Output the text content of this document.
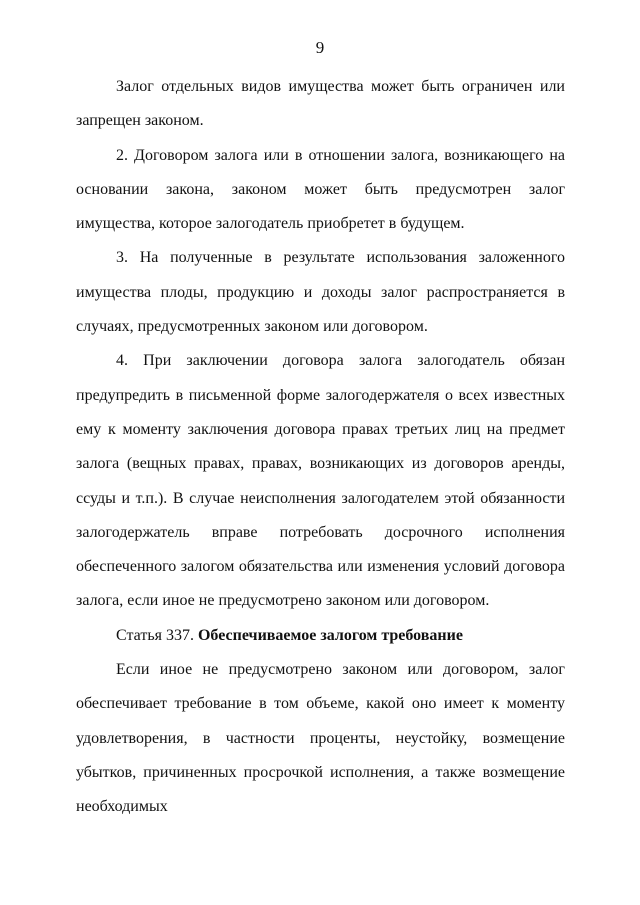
9

Залог отдельных видов имущества может быть ограничен или запрещен законом.

2. Договором залога или в отношении залога, возникающего на основании закона, законом может быть предусмотрен залог имущества, которое залогодатель приобретет в будущем.

3. На полученные в результате использования заложенного имущества плоды, продукцию и доходы залог распространяется в случаях, предусмотренных законом или договором.

4. При заключении договора залога залогодатель обязан предупредить в письменной форме залогодержателя о всех известных ему к моменту заключения договора правах третьих лиц на предмет залога (вещных правах, правах, возникающих из договоров аренды, ссуды и т.п.). В случае неисполнения залогодателем этой обязанности залогодержатель вправе потребовать досрочного исполнения обеспеченного залогом обязательства или изменения условий договора залога, если иное не предусмотрено законом или договором.

Статья 337. Обеспечиваемое залогом требование

Если иное не предусмотрено законом или договором, залог обеспечивает требование в том объеме, какой оно имеет к моменту удовлетворения, в частности проценты, неустойку, возмещение убытков, причиненных просрочкой исполнения, а также возмещение необходимых
